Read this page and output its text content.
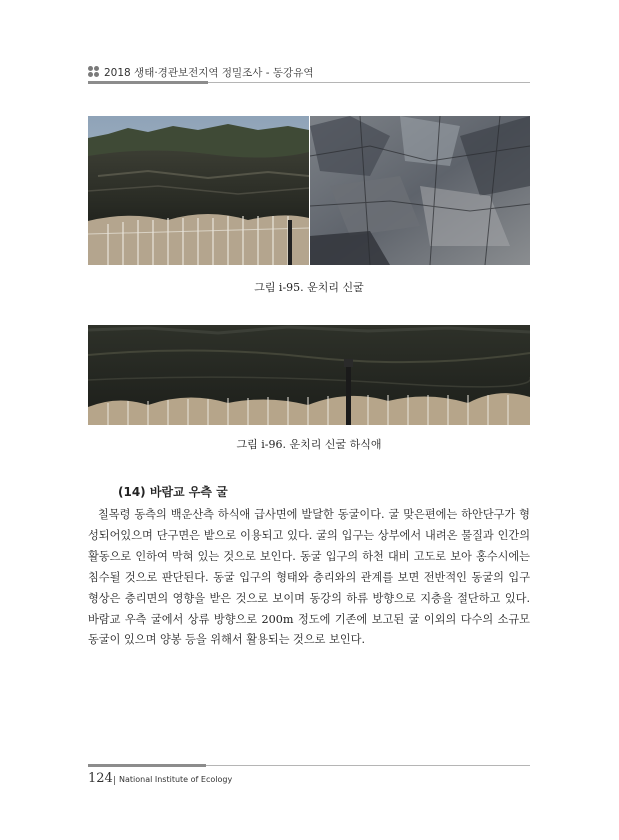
2018 생태·경관보전지역 정밀조사 - 동강유역
그림 i-95. 운치리 신굴
그림 i-96. 운치리 신굴 하식애
(14) 바람교 우측 굴
칠목령 동측의 백운산측 하식애 급사면에 발달한 동굴이다. 굴 맞은편에는 하안단구가 형성되어있으며 단구면은 밭으로 이용되고 있다. 굴의 입구는 상부에서 내려온 물질과 인간의 활동으로 인하여 막혀 있는 것으로 보인다. 동굴 입구의 하천 대비 고도로 보아 홍수시에는 침수될 것으로 판단된다. 동굴 입구의 형태와 층리와의 관계를 보면 전반적인 동굴의 입구 형상은 층리면의 영향을 받은 것으로 보이며 동강의 하류 방향으로 지층을 절단하고 있다. 바람교 우측 굴에서 상류 방향으로 200m 정도에 기존에 보고된 굴 이외의 다수의 소규모 동굴이 있으며 양봉 등을 위해서 활용되는 것으로 보인다.
124 National Institute of Ecology
